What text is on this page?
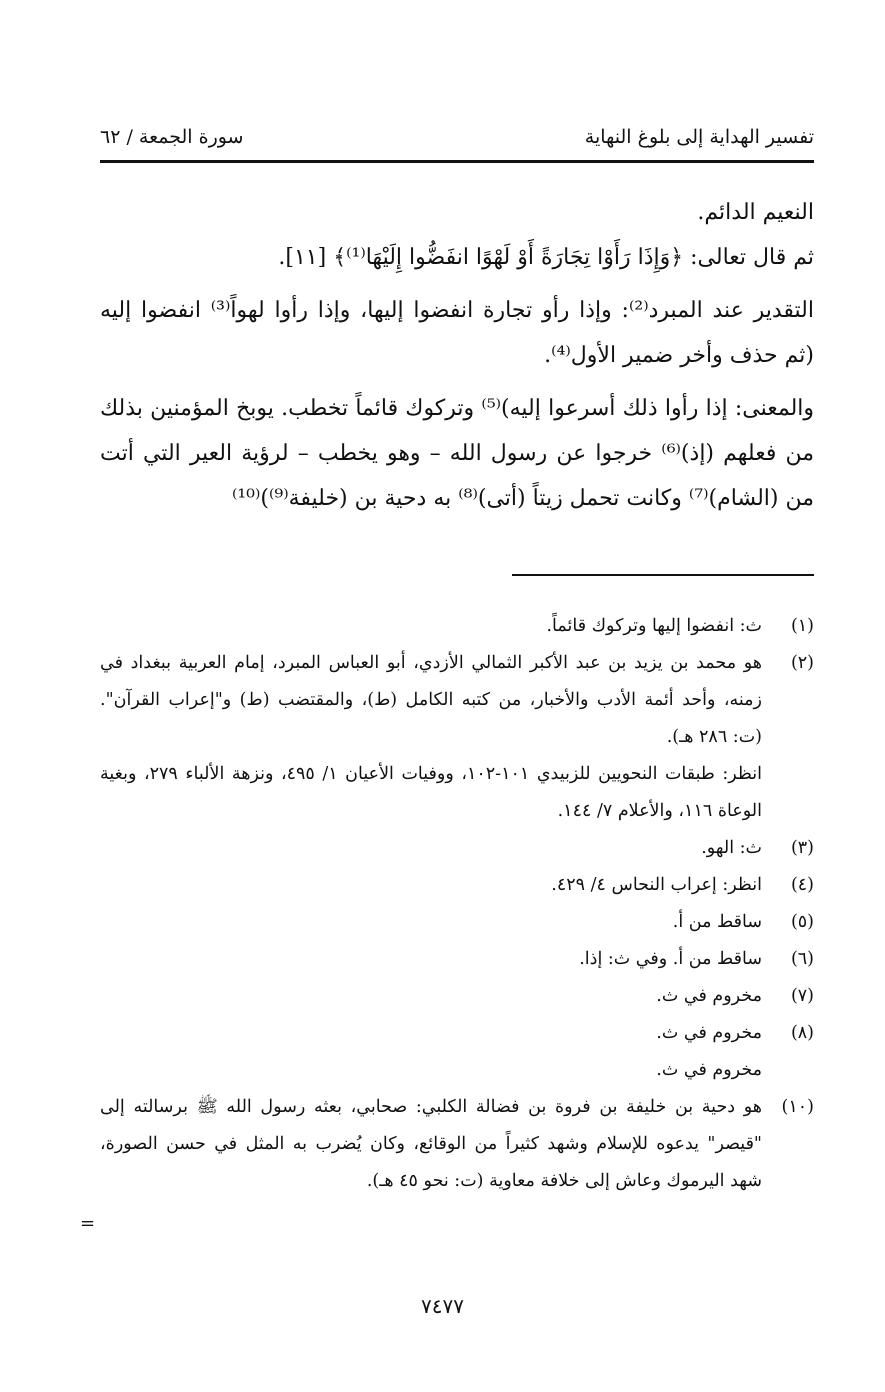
تفسير الهداية إلى بلوغ النهاية
سورة الجمعة / ٦٢

النعيم الدائم.

ثم قال تعالى: ﴿وَإِذَا رَأَوْا تِجَارَةً أَوْ لَهْوًا انفَضُّوا إِلَيْهَا⁽¹⁾﴾ [١١].

التقدير عند المبرد⁽²⁾: وإذا رأو تجارة انفضوا إليها، وإذا رأوا لهواً⁽³⁾ انفضوا إليه (ثم حذف وأخر ضمير الأول⁽⁴⁾.

والمعنى: إذا رأوا ذلك أسرعوا إليه)⁽⁵⁾ وتركوك قائماً تخطب. يوبخ المؤمنين بذلك من فعلهم (إذ)⁽⁶⁾ خرجوا عن رسول الله – وهو يخطب – لرؤية العير التي أتت من (الشام)⁽⁷⁾ وكانت تحمل زيتاً (أتى)⁽⁸⁾ به دحية بن (خليفة⁽⁹⁾)⁽¹⁰⁾

(١)
ث: انفضوا إليها وتركوك قائماً.
(٢)
هو محمد بن يزيد بن عبد الأكبر الثمالي الأزدي، أبو العباس المبرد، إمام العربية ببغداد في زمنه، وأحد أئمة الأدب والأخبار، من كتبه الكامل (ط)، والمقتضب (ط) و"إعراب القرآن". (ت: ٢٨٦ هـ).
انظر: طبقات النحويين للزبيدي ١٠١-١٠٢، ووفيات الأعيان ١/ ٤٩٥، ونزهة الألباء ٢٧٩، وبغية الوعاة ١١٦، والأعلام ٧/ ١٤٤.
(٣)
ث: الهو.
(٤)
انظر: إعراب النحاس ٤/ ٤٢٩.
(٥)
ساقط من أ.
(٦)
ساقط من أ. وفي ث: إذا.
(٧)
مخروم في ث.
(٨)
مخروم في ث.
مخروم في ث.
(١٠)
هو دحية بن خليفة بن فروة بن فضالة الكلبي: صحابي، بعثه رسول الله ﷺ برسالته إلى "قيصر" يدعوه للإسلام وشهد كثيراً من الوقائع، وكان يُضرب به المثل في حسن الصورة، شهد اليرموك وعاش إلى خلافة معاوية (ت: نحو ٤٥ هـ).
=
٧٤٧٧
